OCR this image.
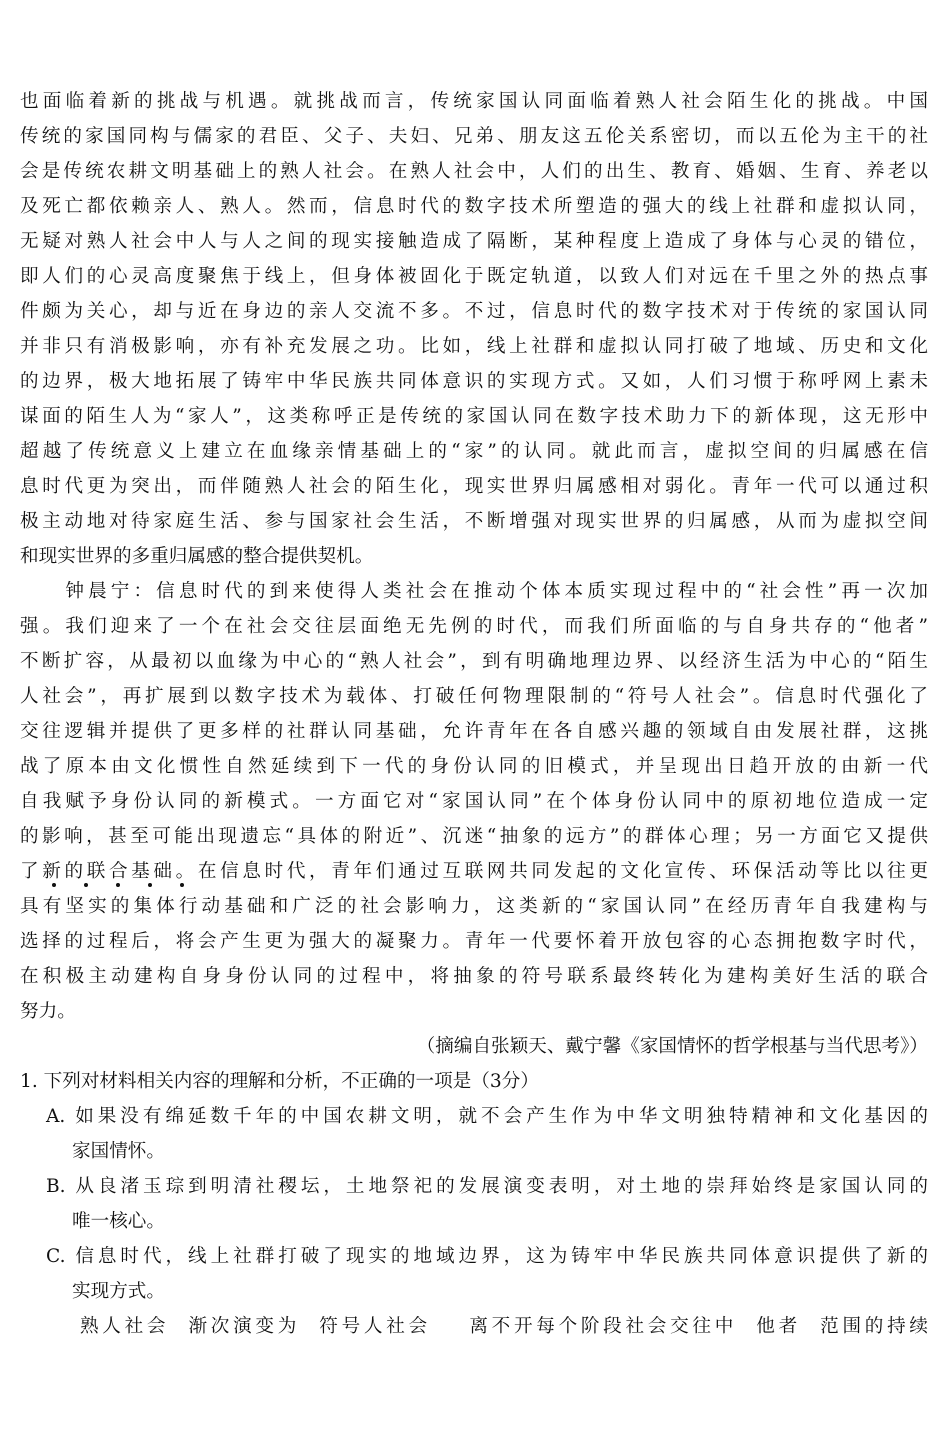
也面临着新的挑战与机遇。就挑战而言，传统家国认同面临着熟人社会陌生化的挑战。中国
传统的家国同构与儒家的君臣、父子、夫妇、兄弟、朋友这五伦关系密切，而以五伦为主干的社
会是传统农耕文明基础上的熟人社会。在熟人社会中，人们的出生、教育、婚姻、生育、养老以
及死亡都依赖亲人、熟人。然而，信息时代的数字技术所塑造的强大的线上社群和虚拟认同，
无疑对熟人社会中人与人之间的现实接触造成了隔断，某种程度上造成了身体与心灵的错位，
即人们的心灵高度聚焦于线上，但身体被固化于既定轨道，以致人们对远在千里之外的热点事
件颇为关心，却与近在身边的亲人交流不多。不过，信息时代的数字技术对于传统的家国认同
并非只有消极影响，亦有补充发展之功。比如，线上社群和虚拟认同打破了地域、历史和文化
的边界，极大地拓展了铸牢中华民族共同体意识的实现方式。又如，人们习惯于称呼网上素未
谋面的陌生人为“家人”，这类称呼正是传统的家国认同在数字技术助力下的新体现，这无形中
超越了传统意义上建立在血缘亲情基础上的“家”的认同。就此而言，虚拟空间的归属感在信
息时代更为突出，而伴随熟人社会的陌生化，现实世界归属感相对弱化。青年一代可以通过积
极主动地对待家庭生活、参与国家社会生活，不断增强对现实世界的归属感，从而为虚拟空间
和现实世界的多重归属感的整合提供契机。
　　钟晨宁：信息时代的到来使得人类社会在推动个体本质实现过程中的“社会性”再一次加
强。我们迎来了一个在社会交往层面绝无先例的时代，而我们所面临的与自身共存的“他者”
不断扩容，从最初以血缘为中心的“熟人社会”，到有明确地理边界、以经济生活为中心的“陌生
人社会”，再扩展到以数字技术为载体、打破任何物理限制的“符号人社会”。信息时代强化了
交往逻辑并提供了更多样的社群认同基础，允许青年在各自感兴趣的领域自由发展社群，这挑
战了原本由文化惯性自然延续到下一代的身份认同的旧模式，并呈现出日趋开放的由新一代
自我赋予身份认同的新模式。一方面它对“家国认同”在个体身份认同中的原初地位造成一定
的影响，甚至可能出现遗忘“具体的附近”、沉迷“抽象的远方”的群体心理；另一方面它又提供
了新的联合基础。在信息时代，青年们通过互联网共同发起的文化宣传、环保活动等比以往更
具有坚实的集体行动基础和广泛的社会影响力，这类新的“家国认同”在经历青年自我建构与
选择的过程后，将会产生更为强大的凝聚力。青年一代要怀着开放包容的心态拥抱数字时代，
在积极主动建构自身身份认同的过程中，将抽象的符号联系最终转化为建构美好生活的联合
努力。
（摘编自张颖天、戴宁馨《家国情怀的哲学根基与当代思考》）
1. 下列对材料相关内容的理解和分析，不正确的一项是（3分）
A. 如果没有绵延数千年的中国农耕文明，就不会产生作为中华文明独特精神和文化基因的
家国情怀。
B. 从良渚玉琮到明清社稷坛，土地祭祀的发展演变表明，对土地的崇拜始终是家国认同的
唯一核心。
C. 信息时代，线上社群打破了现实的地域边界，这为铸牢中华民族共同体意识提供了新的
实现方式。
熟人社会  渐次演变为  符号人社会    离不开每个阶段社会交往中  他者  范围的持续
